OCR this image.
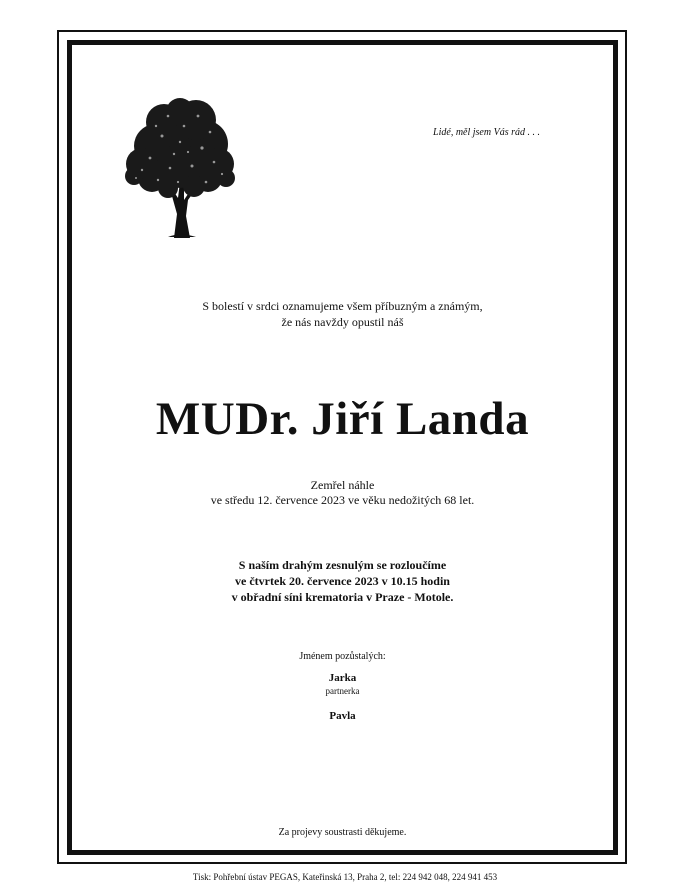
Lidé, měl jsem Vás rád . . .
S bolestí v srdci oznamujeme všem příbuzným a známým,
že nás navždy opustil náš
MUDr. Jiří Landa
Zemřel náhle
ve středu 12. července 2023 ve věku nedožitých 68 let.
S naším drahým zesnulým se rozloučíme
ve čtvrtek 20. července 2023 v 10.15 hodin
v obřadní síni krematoria v Praze - Motole.
Jménem pozůstalých:
Jarka
partnerka
Pavla
Za projevy soustrasti děkujeme.
Tisk: Pohřební ústav PEGAS, Kateřinská 13, Praha 2, tel: 224 942 048, 224 941 453
